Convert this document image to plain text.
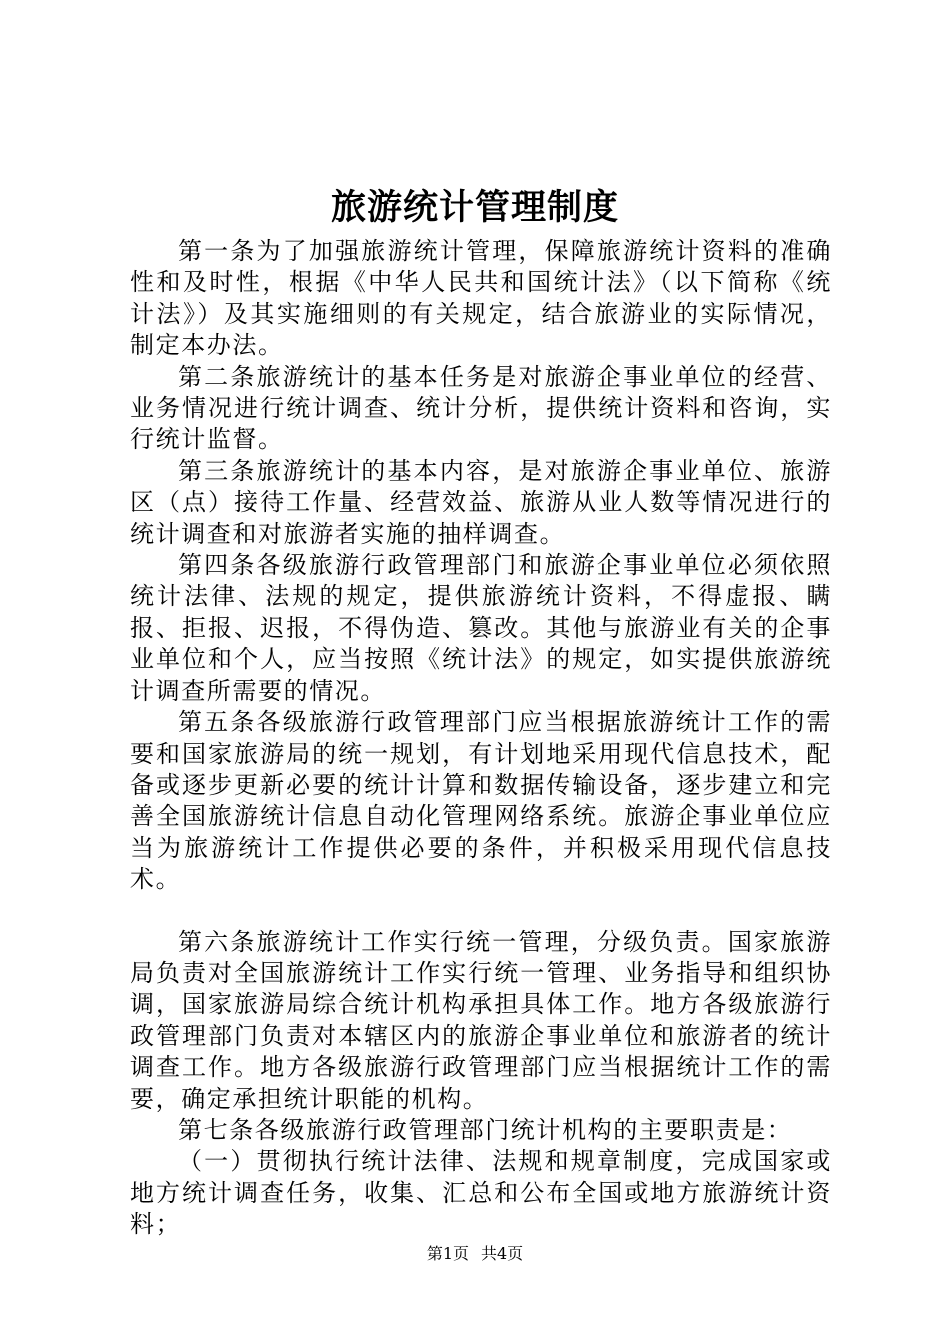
旅游统计管理制度

第一条为了加强旅游统计管理，保障旅游统计资料的准确性和及时性，根据《中华人民共和国统计法》（以下简称《统计法》）及其实施细则的有关规定，结合旅游业的实际情况，制定本办法。

第二条旅游统计的基本任务是对旅游企事业单位的经营、业务情况进行统计调查、统计分析，提供统计资料和咨询，实行统计监督。

第三条旅游统计的基本内容，是对旅游企事业单位、旅游区（点）接待工作量、经营效益、旅游从业人数等情况进行的统计调查和对旅游者实施的抽样调查。

第四条各级旅游行政管理部门和旅游企事业单位必须依照统计法律、法规的规定，提供旅游统计资料，不得虚报、瞒报、拒报、迟报，不得伪造、篡改。其他与旅游业有关的企事业单位和个人，应当按照《统计法》的规定，如实提供旅游统计调查所需要的情况。

第五条各级旅游行政管理部门应当根据旅游统计工作的需要和国家旅游局的统一规划，有计划地采用现代信息技术，配备或逐步更新必要的统计计算和数据传输设备，逐步建立和完善全国旅游统计信息自动化管理网络系统。旅游企事业单位应当为旅游统计工作提供必要的条件，并积极采用现代信息技术。

第六条旅游统计工作实行统一管理，分级负责。国家旅游局负责对全国旅游统计工作实行统一管理、业务指导和组织协调，国家旅游局综合统计机构承担具体工作。地方各级旅游行政管理部门负责对本辖区内的旅游企事业单位和旅游者的统计调查工作。地方各级旅游行政管理部门应当根据统计工作的需要，确定承担统计职能的机构。

第七条各级旅游行政管理部门统计机构的主要职责是：

（一）贯彻执行统计法律、法规和规章制度，完成国家或地方统计调查任务，收集、汇总和公布全国或地方旅游统计资料；

第1页 共4页
